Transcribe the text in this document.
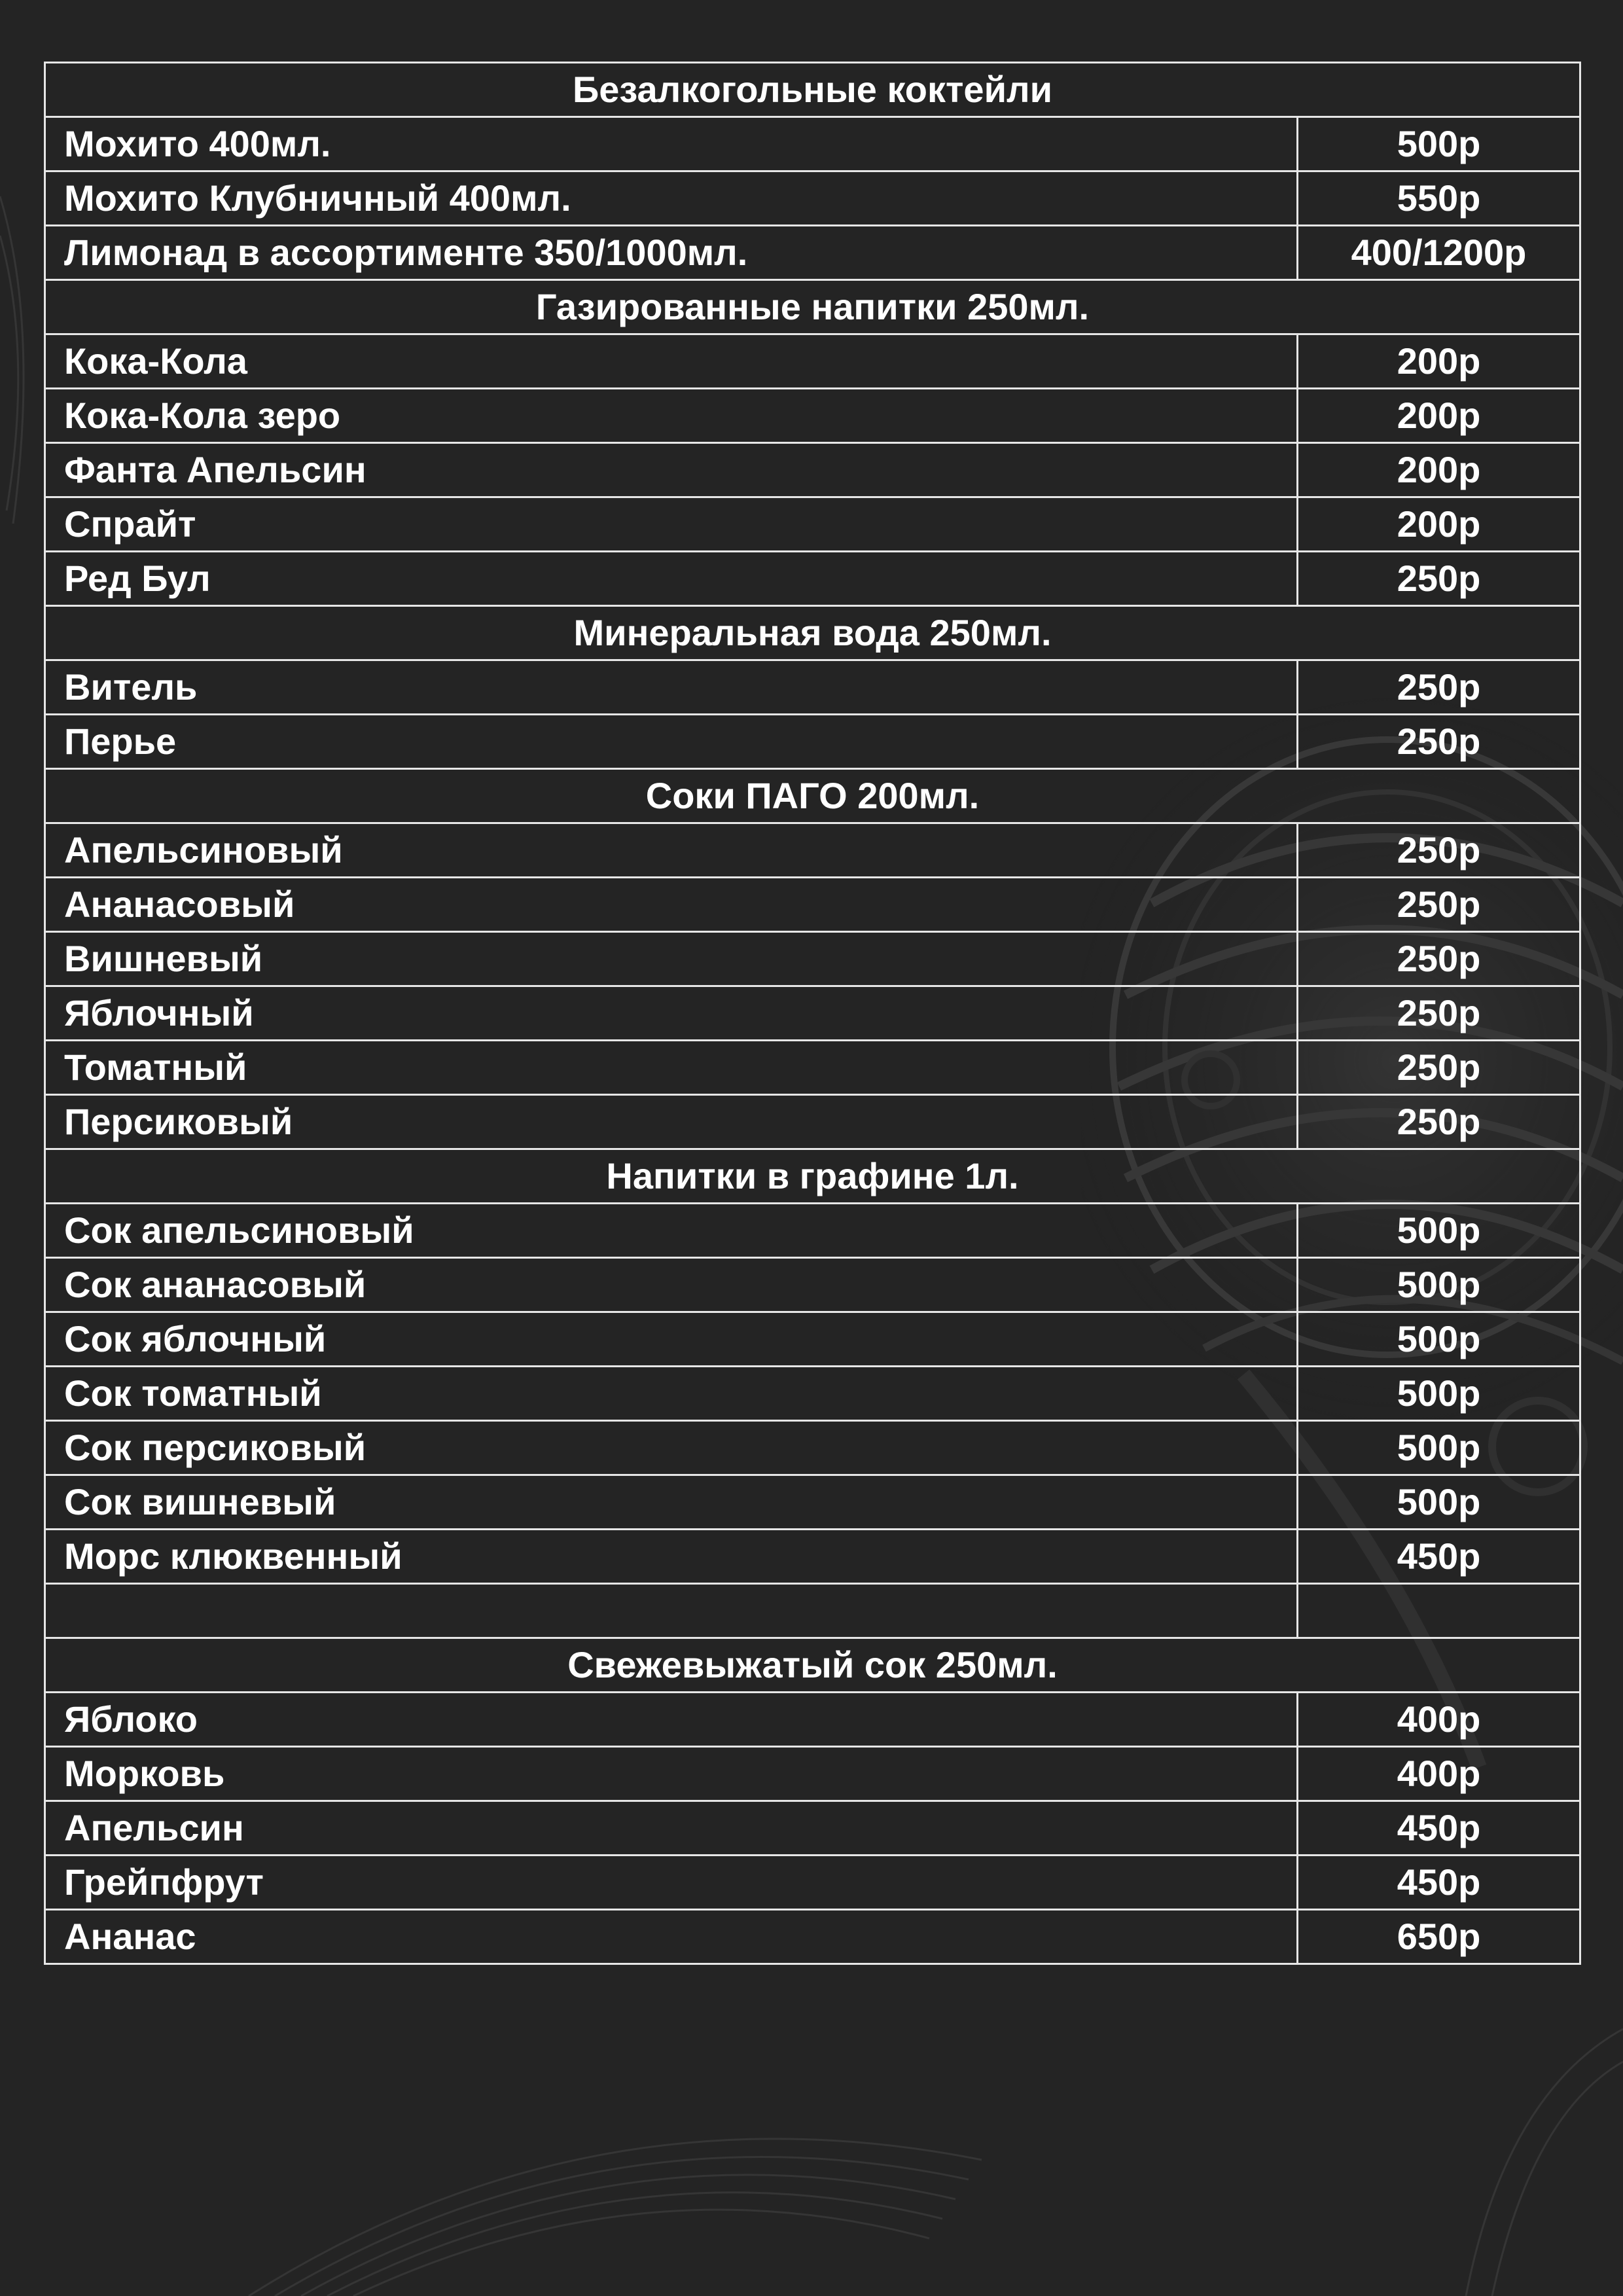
Безалкогольные коктейли	
Мохито 400мл.	500р
Мохито Клубничный 400мл.	550р
Лимонад в ассортименте 350/1000мл.	400/1200р
Газированные напитки 250мл.	
Кока-Кола	200р
Кока-Кола зеро	200р
Фанта Апельсин	200р
Спрайт	200р
Ред Бул	250р
Минеральная вода 250мл.	
Витель	250р
Перье	250р
Соки ПАГО 200мл.	
Апельсиновый	250р
Ананасовый	250р
Вишневый	250р
Яблочный	250р
Томатный	250р
Персиковый	250р
Напитки в графине 1л.	
Сок апельсиновый	500р
Сок ананасовый	500р
Сок яблочный	500р
Сок томатный	500р
Сок персиковый	500р
Сок вишневый	500р
Морс клюквенный	450р

Свежевыжатый сок 250мл.	
Яблоко	400р
Морковь	400р
Апельсин	450р
Грейпфрут	450р
Ананас	650р
